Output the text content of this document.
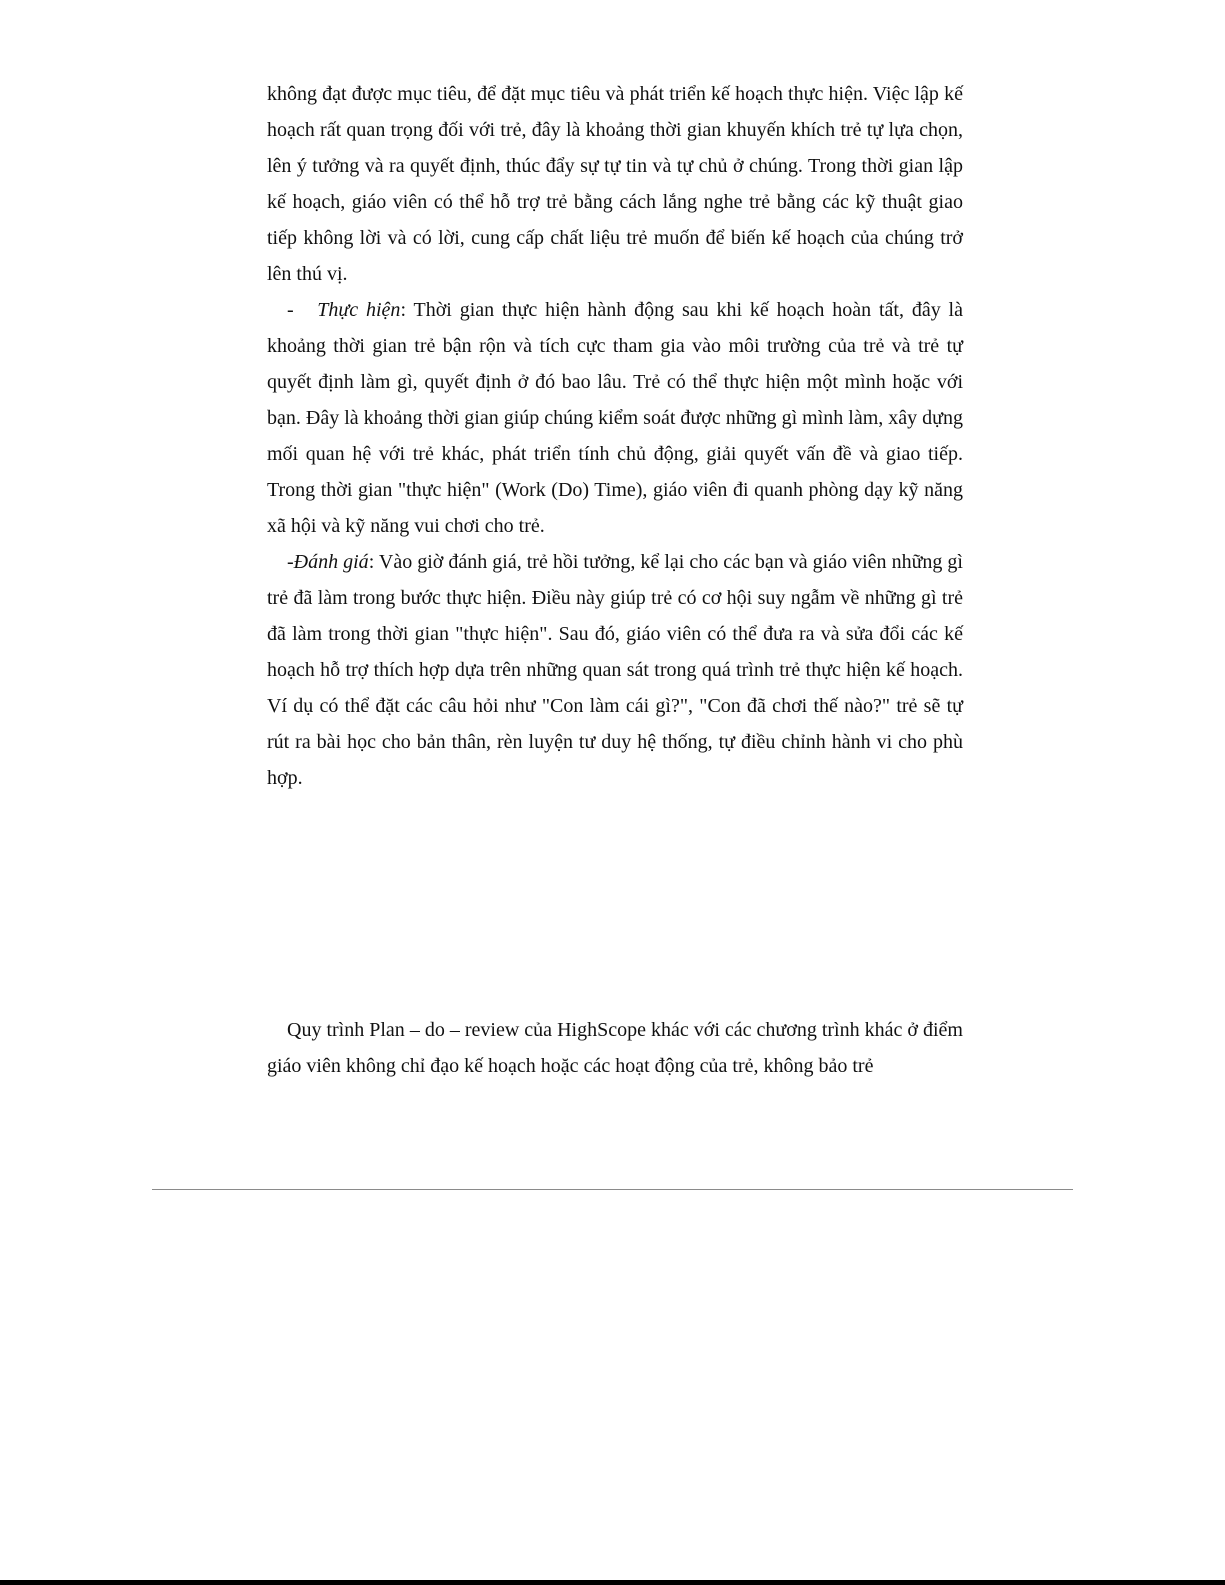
không đạt được mục tiêu, để đặt mục tiêu và phát triển kế hoạch thực hiện. Việc lập kế hoạch rất quan trọng đối với trẻ, đây là khoảng thời gian khuyến khích trẻ tự lựa chọn, lên ý tưởng và ra quyết định, thúc đẩy sự tự tin và tự chủ ở chúng. Trong thời gian lập kế hoạch, giáo viên có thể hỗ trợ trẻ bằng cách lắng nghe trẻ bằng các kỹ thuật giao tiếp không lời và có lời, cung cấp chất liệu trẻ muốn để biến kế hoạch của chúng trở lên thú vị.

-   Thực hiện: Thời gian thực hiện hành động sau khi kế hoạch hoàn tất, đây là khoảng thời gian trẻ bận rộn và tích cực tham gia vào môi trường của trẻ và trẻ tự quyết định làm gì, quyết định ở đó bao lâu. Trẻ có thể thực hiện một mình hoặc với bạn. Đây là khoảng thời gian giúp chúng kiểm soát được những gì mình làm, xây dựng mối quan hệ với trẻ khác, phát triển tính chủ động, giải quyết vấn đề và giao tiếp. Trong thời gian "thực hiện" (Work (Do) Time), giáo viên đi quanh phòng dạy kỹ năng xã hội và kỹ năng vui chơi cho trẻ.

-Đánh giá: Vào giờ đánh giá, trẻ hồi tưởng, kể lại cho các bạn và giáo viên những gì trẻ đã làm trong bước thực hiện. Điều này giúp trẻ có cơ hội suy ngẫm về những gì trẻ đã làm trong thời gian "thực hiện". Sau đó, giáo viên có thể đưa ra và sửa đổi các kế hoạch hỗ trợ thích hợp dựa trên những quan sát trong quá trình trẻ thực hiện kế hoạch. Ví dụ có thể đặt các câu hỏi như "Con làm cái gì?", "Con đã chơi thế nào?" trẻ sẽ tự rút ra bài học cho bản thân, rèn luyện tư duy hệ thống, tự điều chỉnh hành vi cho phù hợp.

Quy trình Plan – do – review của HighScope khác với các chương trình khác ở điểm giáo viên không chỉ đạo kế hoạch hoặc các hoạt động của trẻ, không bảo trẻ
